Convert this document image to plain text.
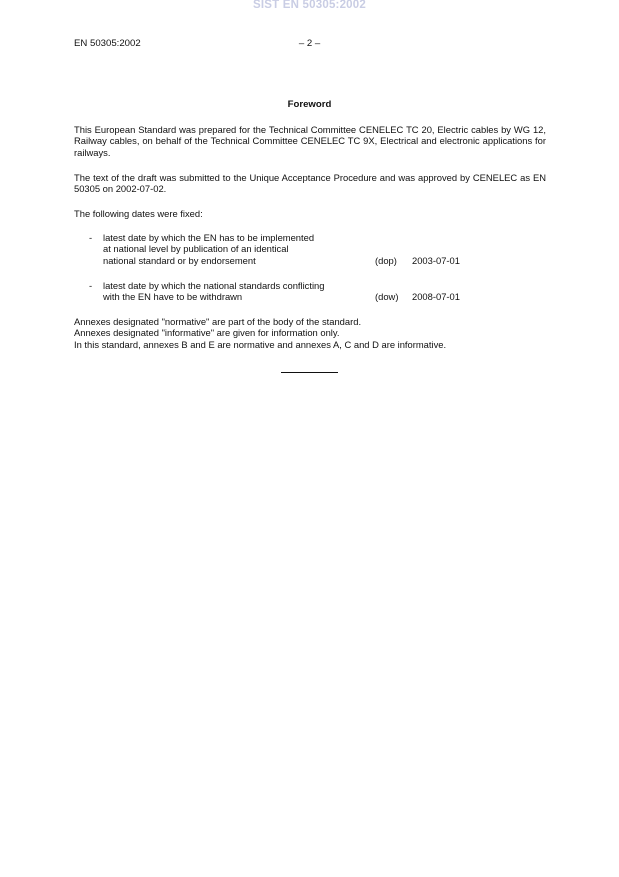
SIST EN 50305:2002
EN 50305:2002	– 2 –
Foreword

This European Standard was prepared for the Technical Committee CENELEC TC 20, Electric cables by WG 12, Railway cables, on behalf of the Technical Committee CENELEC TC 9X, Electrical and electronic applications for railways.

The text of the draft was submitted to the Unique Acceptance Procedure and was approved by CENELEC as EN 50305 on 2002-07-02.

The following dates were fixed:

- latest date by which the EN has to be implemented
at national level by publication of an identical
national standard or by endorsement	(dop)	2003-07-01
- latest date by which the national standards conflicting
with the EN have to be withdrawn	(dow)	2008-07-01
Annexes designated "normative" are part of the body of the standard.
Annexes designated "informative" are given for information only.
In this standard, annexes B and E are normative and annexes A, C and D are informative.
